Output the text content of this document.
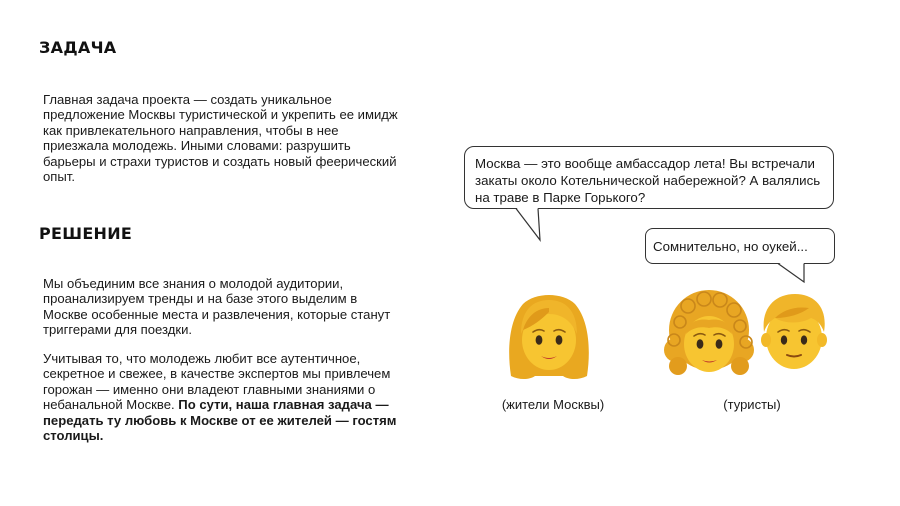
ЗАДАЧА

Главная задача проекта — создать уникальное предложение Москвы туристической и укрепить ее имидж как привлекательного направления, чтобы в нее приезжала молодежь. Иными словами: разрушить барьеры и страхи туристов и создать новый феерический опыт.

РЕШЕНИЕ

Мы объединим все знания о молодой аудитории, проанализируем тренды и на базе этого выделим в Москве особенные места и развлечения, которые станут триггерами для поездки.

Учитывая то, что молодежь любит все аутентичное, секретное и свежее, в качестве экспертов мы привлечем горожан — именно они владеют главными знаниями о небанальной Москве. По сути, наша главная задача — передать ту любовь к Москве от ее жителей — гостям столицы.

Москва — это вообще амбассадор лета! Вы встречали закаты около Котельнической набережной? А валялись на траве в Парке Горького?
Сомнительно, но оукей...
(жители Москвы)	(туристы)
